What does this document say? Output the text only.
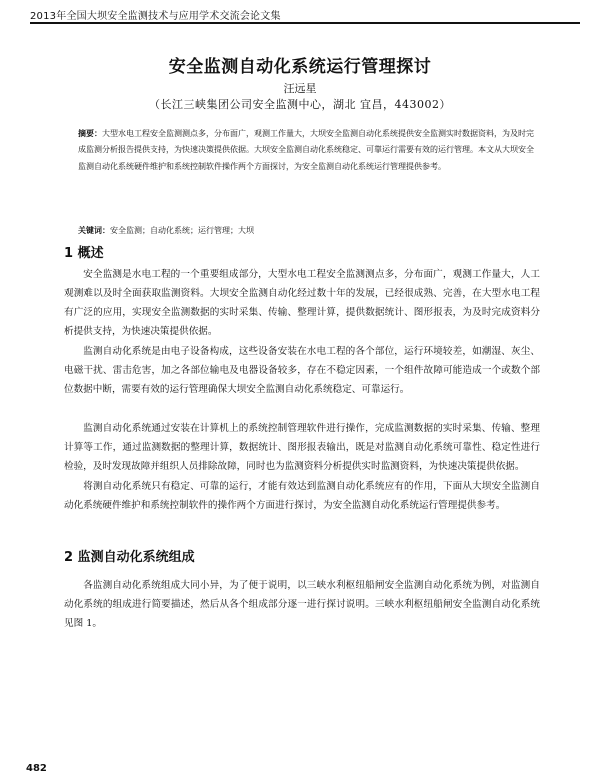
2013年全国大坝安全监测技术与应用学术交流会论文集
安全监测自动化系统运行管理探讨
汪远星
（长江三峡集团公司安全监测中心，湖北 宜昌，443002）
摘要：大型水电工程安全监测测点多，分布面广，观测工作量大，大坝安全监测自动化系统提供安全监测实时数据资料，为及时完成监测分析报告提供支持，为快速决策提供依据。大坝安全监测自动化系统稳定、可靠运行需要有效的运行管理。本文从大坝安全监测自动化系统硬件维护和系统控制软件操作两个方面探讨，为安全监测自动化系统运行管理提供参考。
关键词：安全监测；自动化系统；运行管理；大坝
1 概述
安全监测是水电工程的一个重要组成部分，大型水电工程安全监测测点多，分布面广，观测工作量大，人工观测难以及时全面获取监测资料。大坝安全监测自动化经过数十年的发展，已经很成熟、完善，在大型水电工程有广泛的应用，实现安全监测数据的实时采集、传输、整理计算，提供数据统计、图形报表，为及时完成资料分析提供支持，为快速决策提供依据。
监测自动化系统是由电子设备构成，这些设备安装在水电工程的各个部位，运行环境较差，如潮湿、灰尘、电磁干扰、雷击危害，加之各部位输电及电器设备较多，存在不稳定因素，一个组件故障可能造成一个或数个部位数据中断，需要有效的运行管理确保大坝安全监测自动化系统稳定、可靠运行。
监测自动化系统通过安装在计算机上的系统控制管理软件进行操作，完成监测数据的实时采集、传输、整理计算等工作，通过监测数据的整理计算，数据统计、图形报表输出，既是对监测自动化系统可靠性、稳定性进行检验，及时发现故障并组织人员排除故障，同时也为监测资料分析提供实时监测资料，为快速决策提供依据。
将测自动化系统只有稳定、可靠的运行，才能有效达到监测自动化系统应有的作用，下面从大坝安全监测自动化系统硬件维护和系统控制软件的操作两个方面进行探讨，为安全监测自动化系统运行管理提供参考。
2 监测自动化系统组成
各监测自动化系统组成大同小异，为了便于说明，以三峡水利枢纽船闸安全监测自动化系统为例，对监测自动化系统的组成进行简要描述，然后从各个组成部分逐一进行探讨说明。三峡水利枢纽船闸安全监测自动化系统见图 1。
482
